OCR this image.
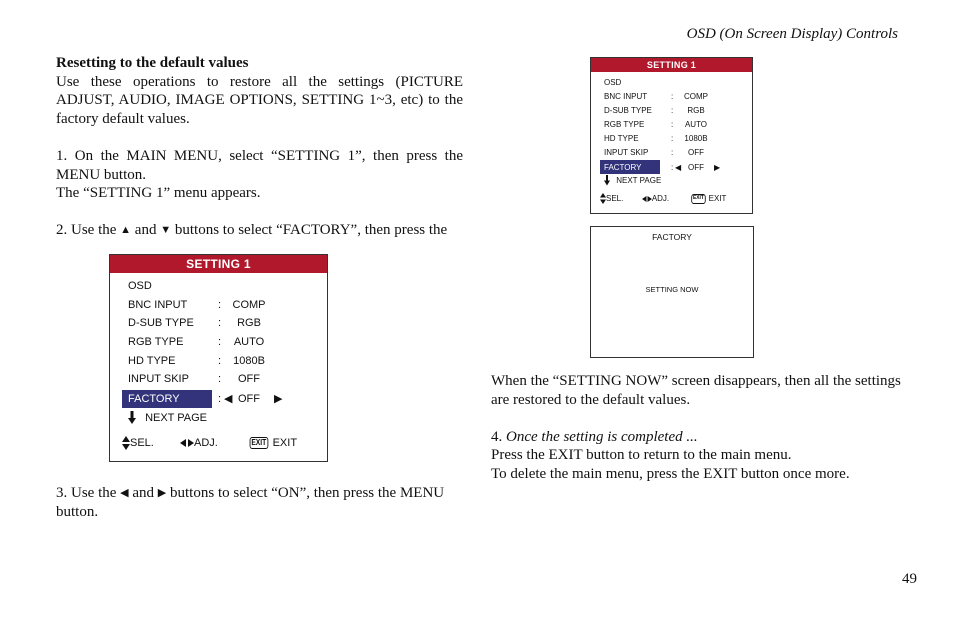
OSD (On Screen Display) Controls
Resetting to the default values
Use these operations to restore all the settings (PICTURE ADJUST, AUDIO, IMAGE OPTIONS, SETTING 1~3, etc) to the factory default values.
1. On the MAIN MENU, select “SETTING 1”, then press the MENU button.
The “SETTING 1” menu appears.
2. Use the ▲ and ▼ buttons to select “FACTORY”, then press the
3. Use the ◀ and ▶ buttons to select “ON”, then press the MENU button.
When the “SETTING NOW” screen disappears, then all the settings are restored to the default values.
4. Once the setting is completed ...
Press the EXIT button to return to the main menu.
To delete the main menu, press the EXIT button once more.
SETTING 1
OSD
BNC INPUT	:	COMP
D-SUB TYPE :	RGB
RGB TYPE	:	AUTO
HD TYPE	:	1080B
INPUT SKIP	:	OFF
FACTORY	: ◀ OFF	▶
NEXT PAGE
SEL.	ADJ.	EXIT EXIT
SETTING 1
OSD
BNC INPUT	:	COMP
D-SUB TYPE :	RGB
RGB TYPE	:	AUTO
HD TYPE	:	1080B
INPUT SKIP	:	OFF
FACTORY	: ◀ OFF	▶
NEXT PAGE
SEL.	ADJ.	EXIT EXIT
FACTORY
SETTING NOW
49
